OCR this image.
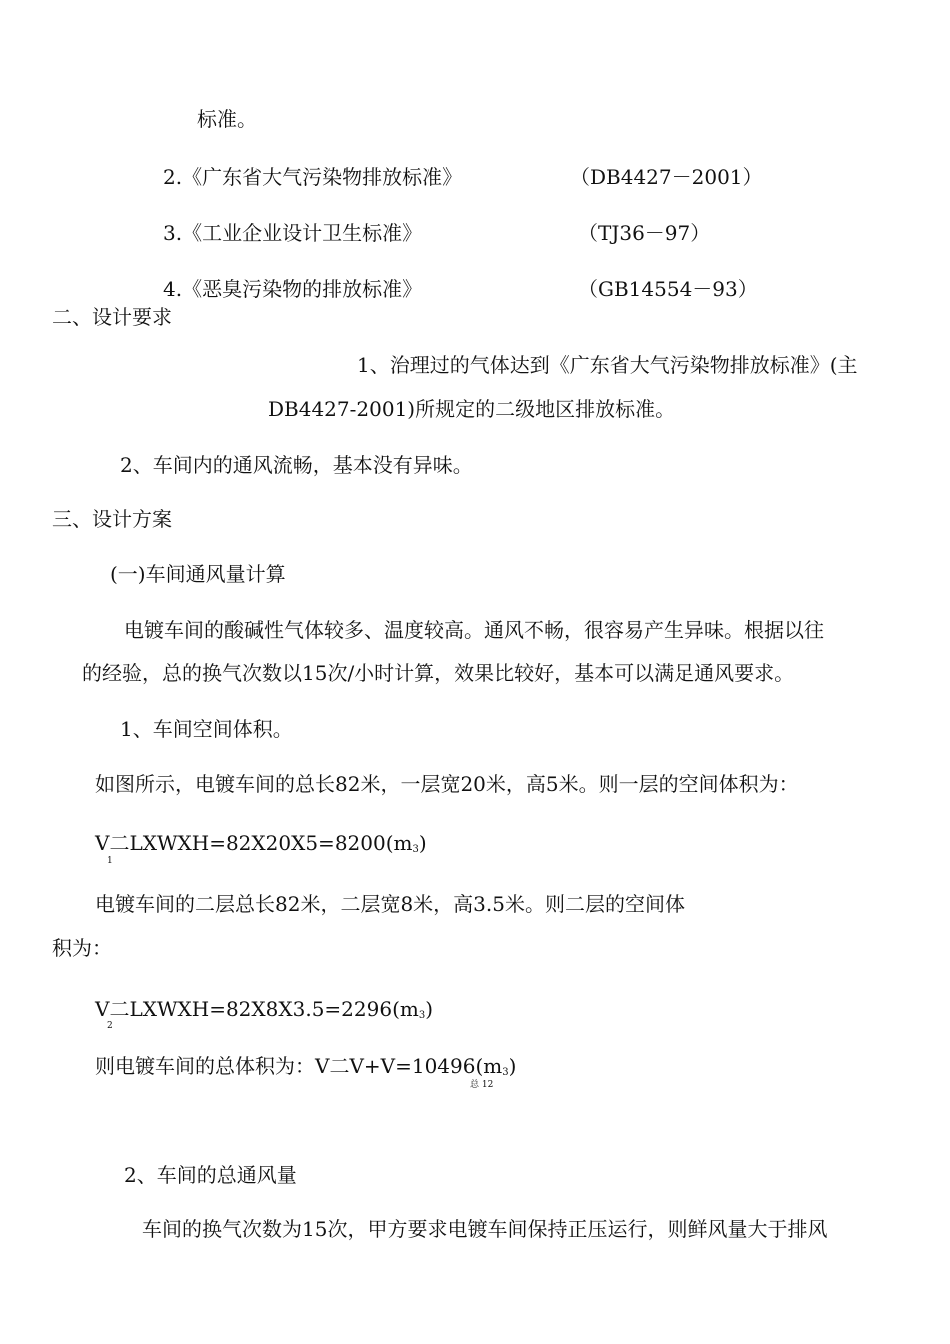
标准。
2.《广东省大气污染物排放标准》	（DB4427－2001）
3.《工业企业设计卫生标准》	（TJ36－97）
4.《恶臭污染物的排放标准》	（GB14554－93）
二、设计要求
1、治理过的气体达到《广东省大气污染物排放标准》(主
DB4427-2001)所规定的二级地区排放标准。
2、车间内的通风流畅，基本没有异味。
三、设计方案
(一)车间通风量计算
电镀车间的酸碱性气体较多、温度较高。通风不畅，很容易产生异味。根据以往
的经验，总的换气次数以15次/小时计算，效果比较好，基本可以满足通风要求。
1、车间空间体积。
如图所示，电镀车间的总长82米，一层宽20米，高5米。则一层的空间体积为：
V二$LXWXH=82X20X5=8200(m_3)$
1
电镀车间的二层总长82米，二层宽8米，高3.5米。则二层的空间体
积为：
V二$LXWXH=82X8X3.5=2296(m_3)$
2
则电镀车间的总体积为：V二$V+V=10496(m_3)$
总 12
2、车间的总通风量
车间的换气次数为15次，甲方要求电镀车间保持正压运行，则鲜风量大于排风
